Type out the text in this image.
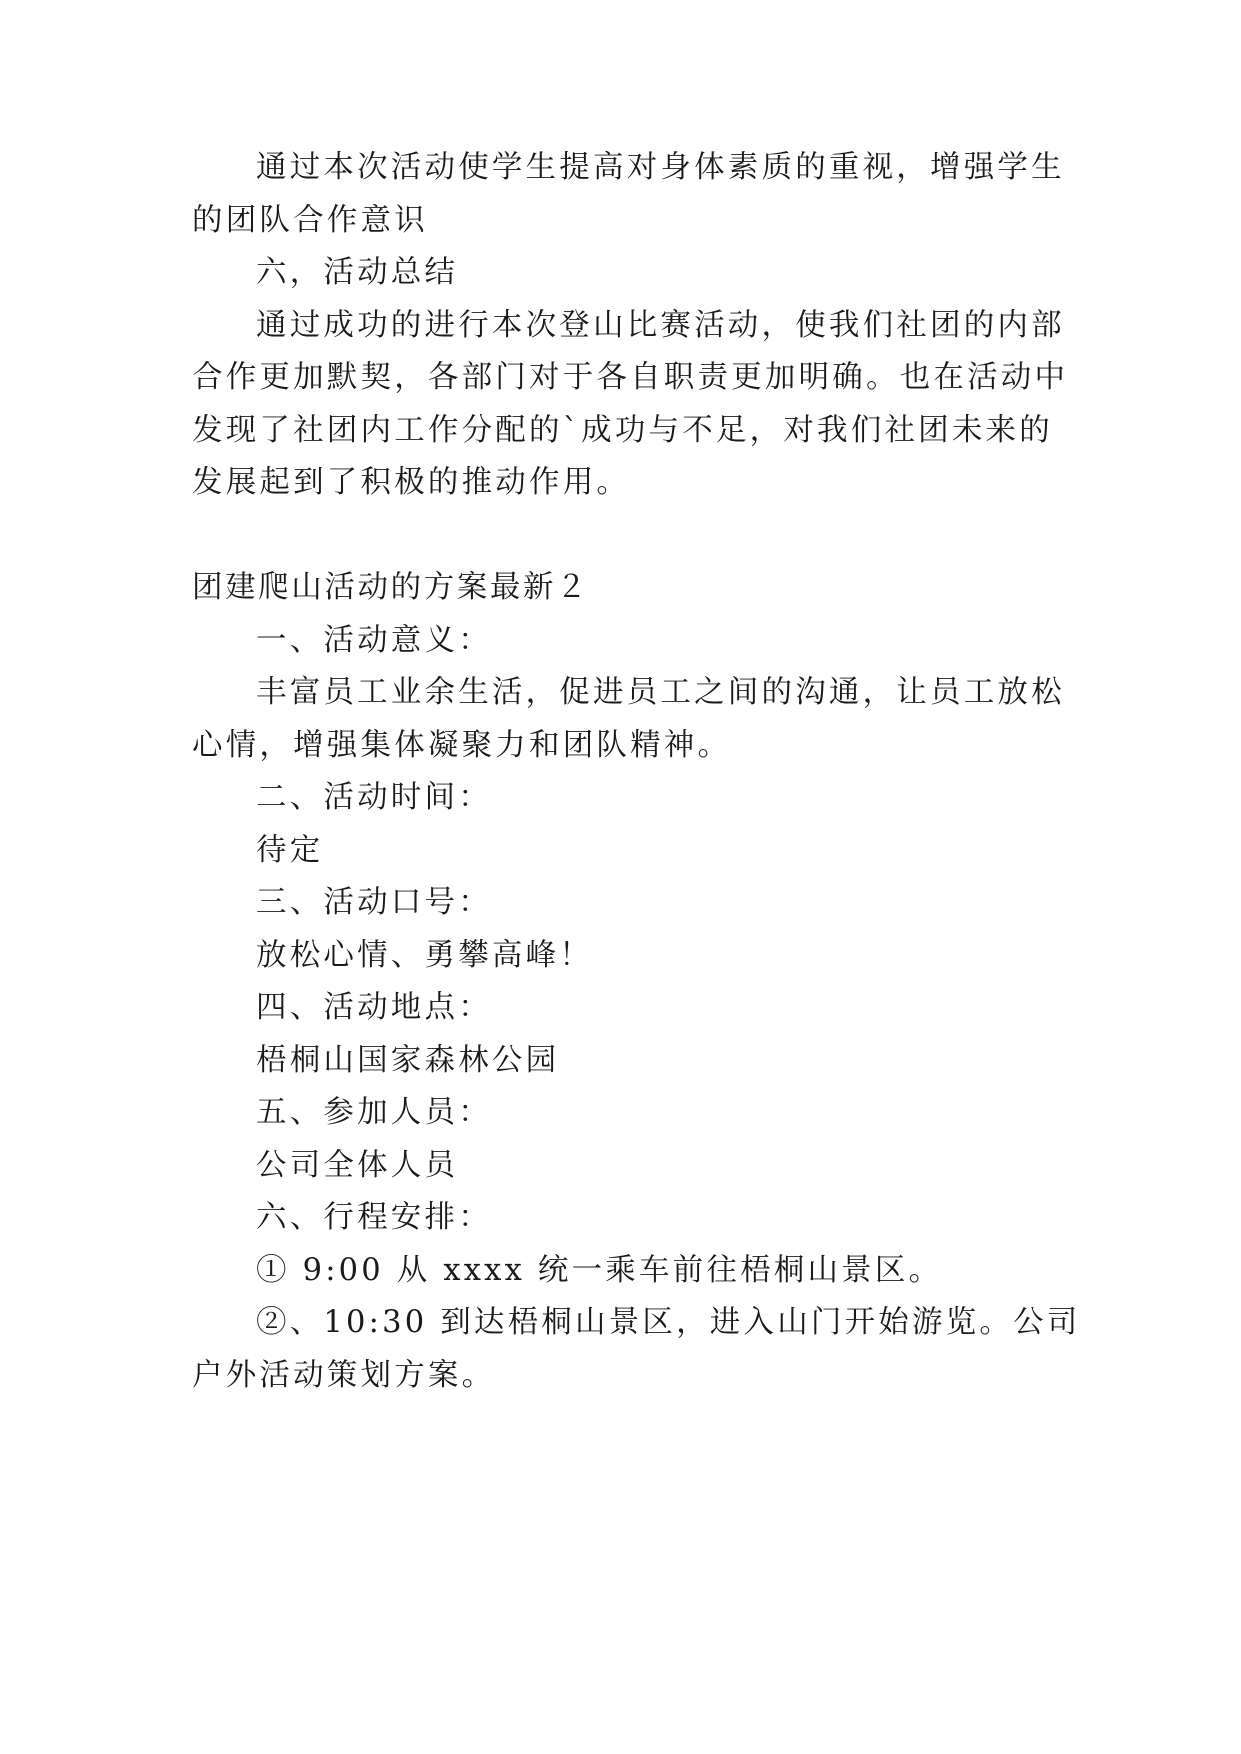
通过本次活动使学生提高对身体素质的重视，增强学生
的团队合作意识
六，活动总结
通过成功的进行本次登山比赛活动，使我们社团的内部
合作更加默契，各部门对于各自职责更加明确。也在活动中
发现了社团内工作分配的`成功与不足，对我们社团未来的
发展起到了积极的推动作用。
团建爬山活动的方案最新２
一、活动意义：
丰富员工业余生活，促进员工之间的沟通，让员工放松
心情，增强集体凝聚力和团队精神。
二、活动时间：
待定
三、活动口号：
放松心情、勇攀高峰！
四、活动地点：
梧桐山国家森林公园
五、参加人员：
公司全体人员
六、行程安排：
① 9:00 从 xxxx 统一乘车前往梧桐山景区。
②、10:30 到达梧桐山景区，进入山门开始游览。公司
户外活动策划方案。
